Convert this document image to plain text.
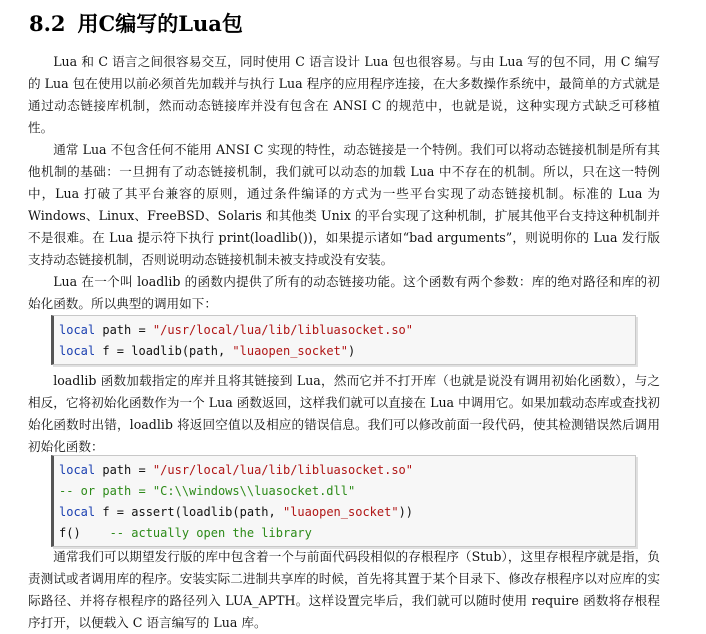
8.2 用C编写的Lua包

Lua 和 C 语言之间很容易交互，同时使用 C 语言设计 Lua 包也很容易。与由 Lua 写的包不同，用 C 编写的 Lua 包在使用以前必须首先加载并与执行 Lua 程序的应用程序连接，在大多数操作系统中，最简单的方式就是通过动态链接库机制，然而动态链接库并没有包含在 ANSI C 的规范中，也就是说，这种实现方式缺乏可移植性。

通常 Lua 不包含任何不能用 ANSI C 实现的特性，动态链接是一个特例。我们可以将动态链接机制是所有其他机制的基础：一旦拥有了动态链接机制，我们就可以动态的加载 Lua 中不存在的机制。所以，只在这一特例中，Lua 打破了其平台兼容的原则，通过条件编译的方式为一些平台实现了动态链接机制。标准的 Lua 为 Windows、Linux、FreeBSD、Solaris 和其他类 Unix 的平台实现了这种机制，扩展其他平台支持这种机制并不是很难。在 Lua 提示符下执行 print(loadlib())，如果提示诸如“bad arguments”，则说明你的 Lua 发行版支持动态链接机制，否则说明动态链接机制未被支持或没有安装。

Lua 在一个叫 loadlib 的函数内提供了所有的动态链接功能。这个函数有两个参数：库的绝对路径和库的初始化函数。所以典型的调用如下：

local path = "/usr/local/lua/lib/libluasocket.so"
local f = loadlib(path, "luaopen_socket")

loadlib 函数加载指定的库并且将其链接到 Lua，然而它并不打开库（也就是说没有调用初始化函数），与之相反，它将初始化函数作为一个 Lua 函数返回，这样我们就可以直接在 Lua 中调用它。如果加载动态库或查找初始化函数时出错，loadlib 将返回空值以及相应的错误信息。我们可以修改前面一段代码，使其检测错误然后调用初始化函数：

local path = "/usr/local/lua/lib/libluasocket.so"
-- or path = "C:\\windows\\luasocket.dll"
local f = assert(loadlib(path, "luaopen_socket"))
f()    -- actually open the library

通常我们可以期望发行版的库中包含着一个与前面代码段相似的存根程序（Stub），这里存根程序就是指，负责测试或者调用库的程序。安装实际二进制共享库的时候，首先将其置于某个目录下、修改存根程序以对应库的实际路径、并将存根程序的路径列入 LUA_APTH。这样设置完毕后，我们就可以随时使用 require 函数将存根程序打开，以便载入 C 语言编写的 Lua 库。
